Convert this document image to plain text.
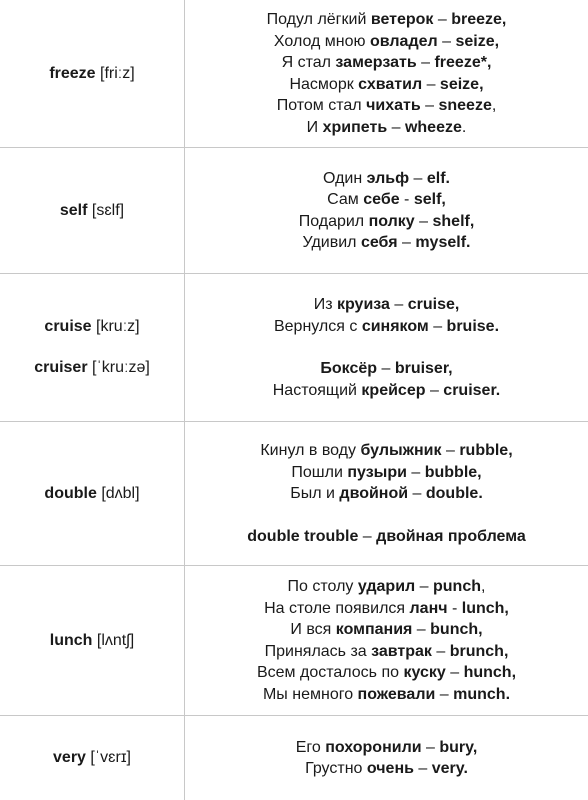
freeze [friːz]
Подул лёгкий ветерок – breeze,
Холод мною овладел – seize,
Я стал замерзать – freeze*,
Насморк схватил – seize,
Потом стал чихать – sneeze,
И хрипеть – wheeze.
self [sɛlf]
Один эльф – elf.
Сам себе - self,
Подарил полку – shelf,
Удивил себя – myself.
cruise [kruːz]
cruiser [ˈkruːzə]
Из круиза – cruise,
Вернулся с синяком – bruise.
Боксёр – bruiser,
Настоящий крейсер – cruiser.
double [dʌbl]
Кинул в воду булыжник – rubble,
Пошли пузыри – bubble,
Был и двойной – double.
double trouble – двойная проблема
lunch [lʌntʃ]
По столу ударил – punch,
На столе появился ланч - lunch,
И вся компания – bunch,
Принялась за завтрак – brunch,
Всем досталось по куску – hunch,
Мы немного пожевали – munch.
very [ˈvɛrɪ]
Его похоронили – bury,
Грустно очень – very.
